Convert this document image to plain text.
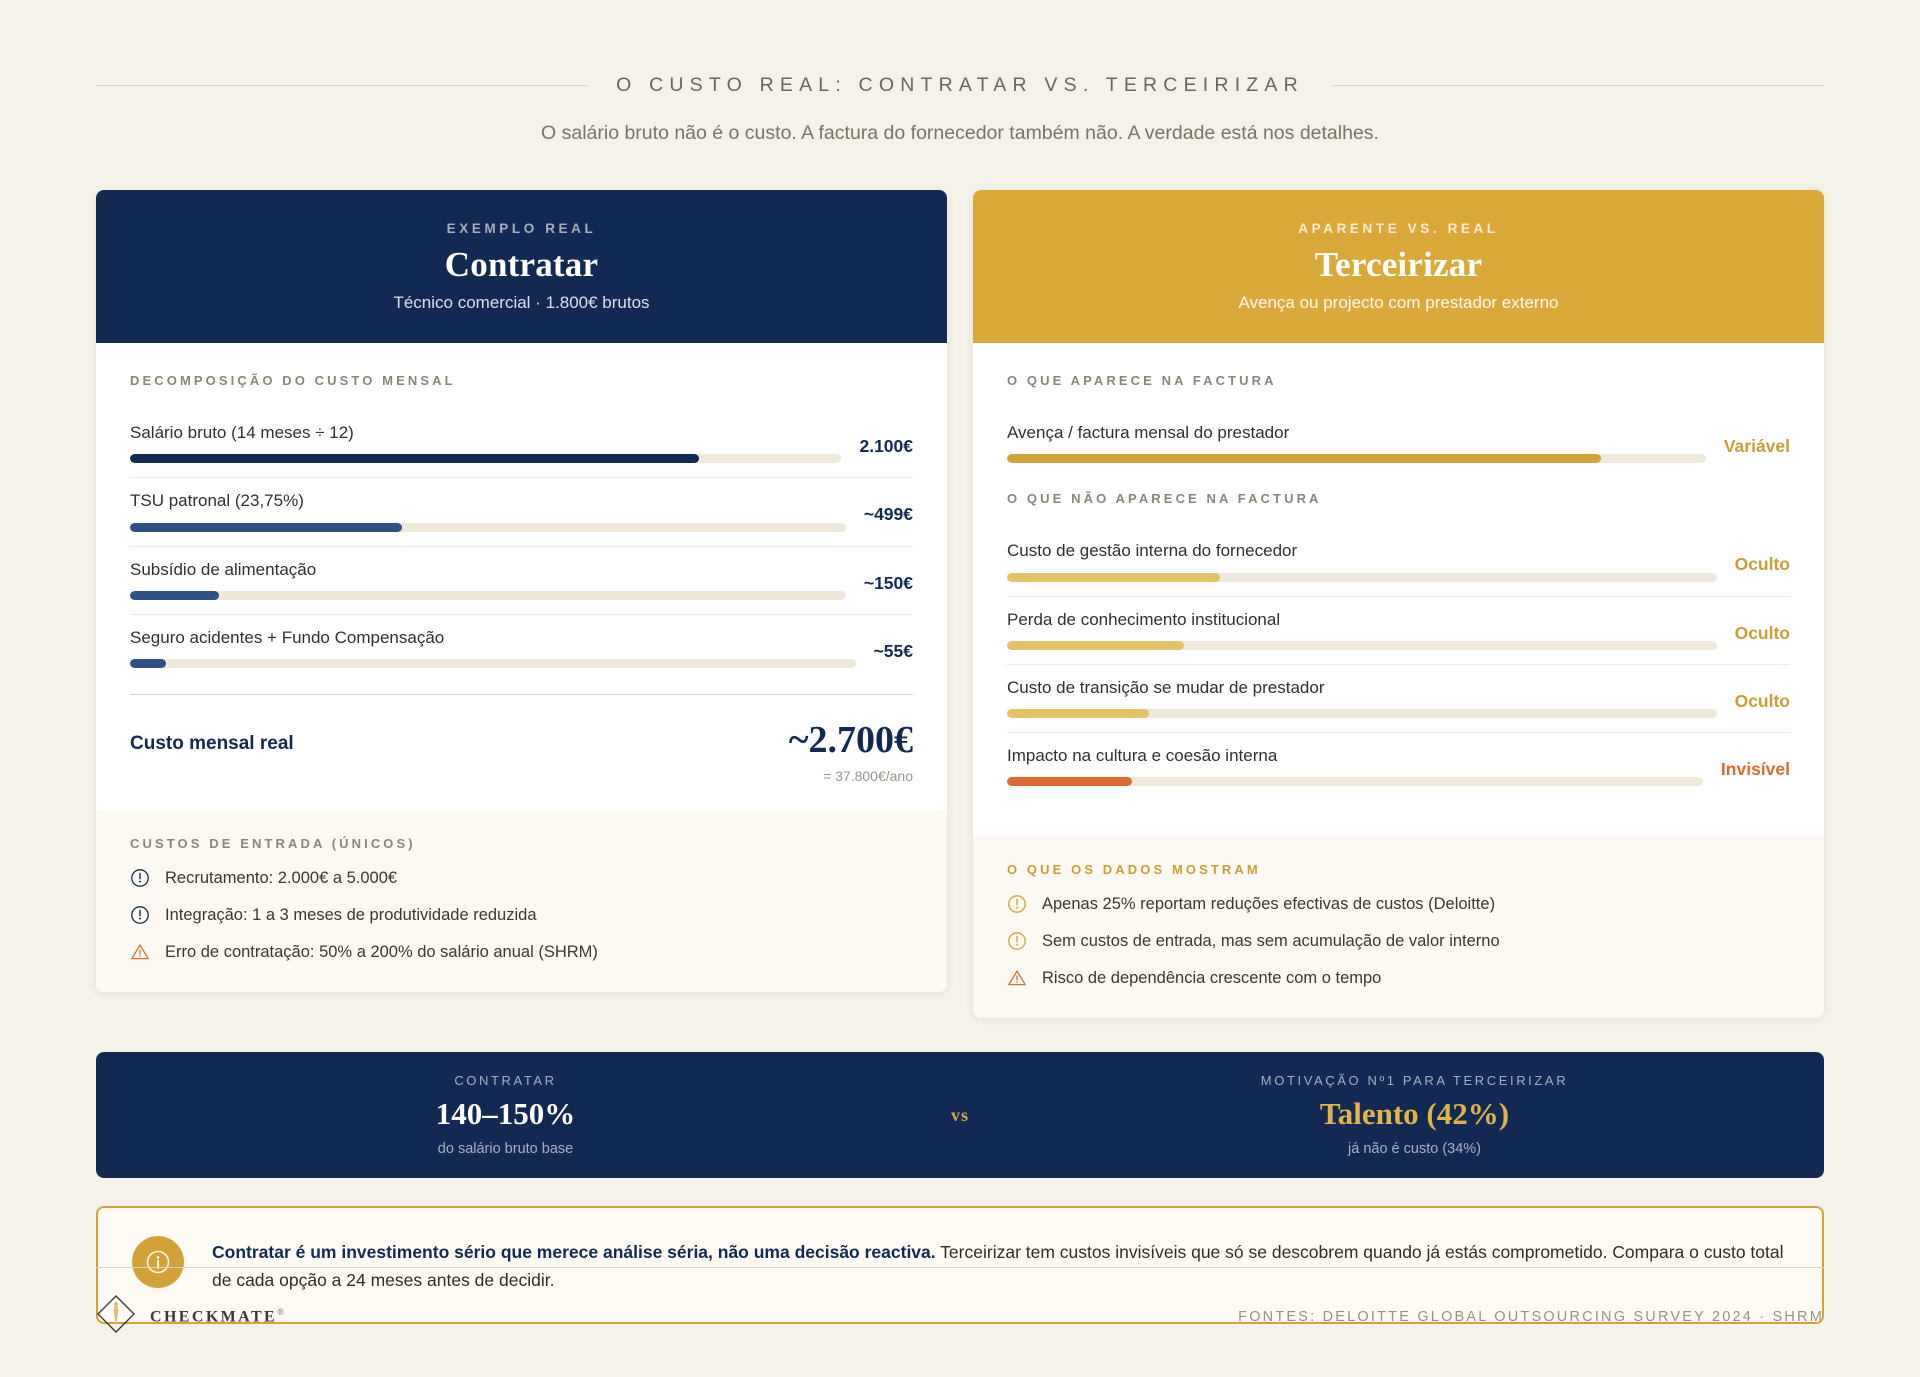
O CUSTO REAL: CONTRATAR VS. TERCEIRIZAR
O salário bruto não é o custo. A factura do fornecedor também não. A verdade está nos detalhes.
EXEMPLO REAL
Contratar
Técnico comercial · 1.800€ brutos
DECOMPOSIÇÃO DO CUSTO MENSAL
Salário bruto (14 meses ÷ 12)
2.100€
TSU patronal (23,75%)
~499€
Subsídio de alimentação
~150€
Seguro acidentes + Fundo Compensação
~55€
Custo mensal real	~2.700€
= 37.800€/ano
CUSTOS DE ENTRADA (ÚNICOS)
Recrutamento: 2.000€ a 5.000€
Integração: 1 a 3 meses de produtividade reduzida
Erro de contratação: 50% a 200% do salário anual (SHRM)
APARENTE VS. REAL
Terceirizar
Avença ou projecto com prestador externo
O QUE APARECE NA FACTURA
Avença / factura mensal do prestador
Variável
O QUE NÃO APARECE NA FACTURA
Custo de gestão interna do fornecedor
Oculto
Perda de conhecimento institucional
Oculto
Custo de transição se mudar de prestador
Oculto
Impacto na cultura e coesão interna
Invisível
O QUE OS DADOS MOSTRAM
Apenas 25% reportam reduções efectivas de custos (Deloitte)
Sem custos de entrada, mas sem acumulação de valor interno
Risco de dependência crescente com o tempo
CONTRATAR
140–150%
do salário bruto base
vs
MOTIVAÇÃO Nº1 PARA TERCEIRIZAR
Talento (42%)
já não é custo (34%)
Contratar é um investimento sério que merece análise séria, não uma decisão reactiva. Terceirizar tem custos invisíveis que só se descobrem quando já estás comprometido. Compara o custo total de cada opção a 24 meses antes de decidir.
CHECKMATE®	FONTES: DELOITTE GLOBAL OUTSOURCING SURVEY 2024 · SHRM
